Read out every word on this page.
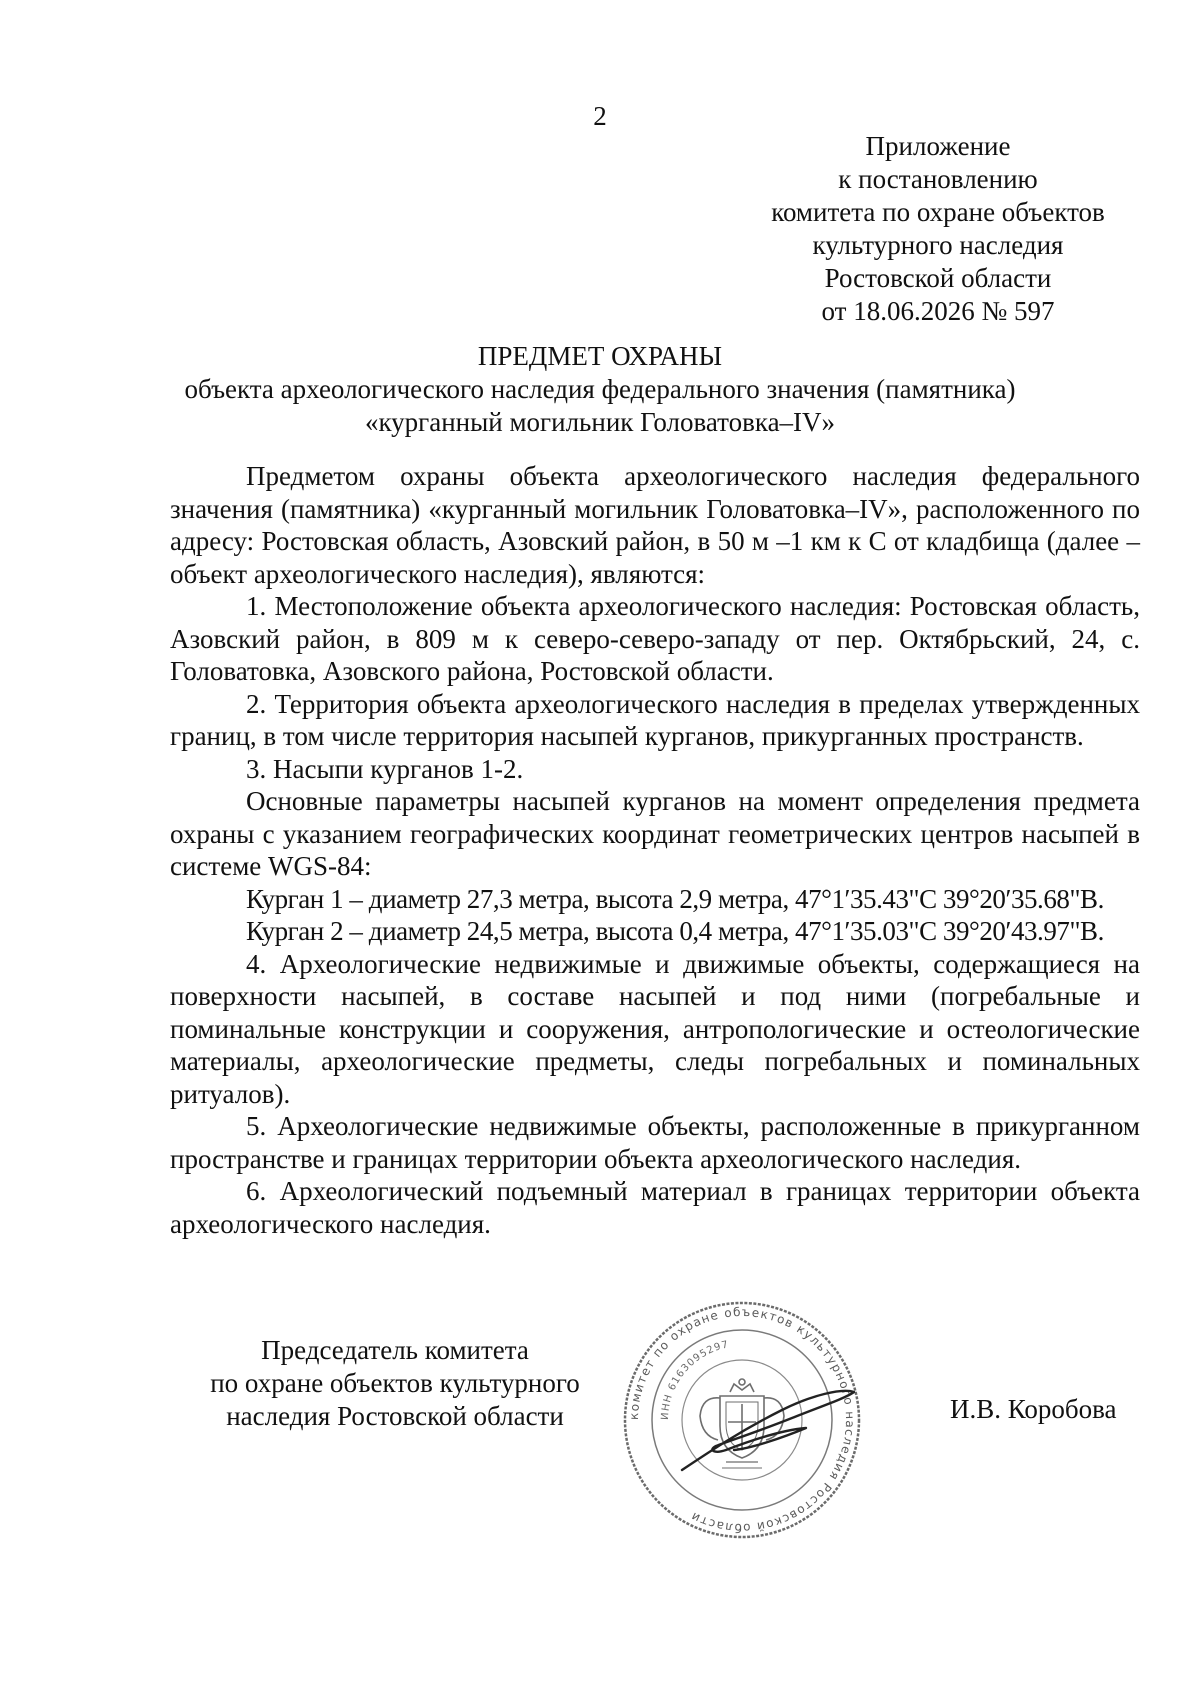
2
Приложение
к постановлению
комитета по охране объектов
культурного наследия
Ростовской области
от 18.06.2026 № 597
ПРЕДМЕТ ОХРАНЫ
объекта археологического наследия федерального значения (памятника)
«курганный могильник Головатовка–IV»

Предметом охраны объекта археологического наследия федерального значения (памятника) «курганный могильник Головатовка–IV», расположенного по адресу: Ростовская область, Азовский район, в 50 м –1 км к С от кладбища (далее – объект археологического наследия), являются:

1. Местоположение объекта археологического наследия: Ростовская область, Азовский район, в 809 м к северо-северо-западу от пер. Октябрьский, 24, с. Головатовка, Азовского района, Ростовской области.

2. Территория объекта археологического наследия в пределах утвержденных границ, в том числе территория насыпей курганов, прикурганных пространств.

3. Насыпи курганов 1-2.

Основные параметры насыпей курганов на момент определения предмета охраны с указанием географических координат геометрических центров насыпей в системе WGS-84:

Курган 1 – диаметр 27,3 метра, высота 2,9 метра, 47°1′35.43"С 39°20′35.68"В.

Курган 2 – диаметр 24,5 метра, высота 0,4 метра, 47°1′35.03"С 39°20′43.97"В.

4. Археологические недвижимые и движимые объекты, содержащиеся на поверхности насыпей, в составе насыпей и под ними (погребальные и поминальные конструкции и сооружения, антропологические и остеологические материалы, археологические предметы, следы погребальных и поминальных ритуалов).

5. Археологические недвижимые объекты, расположенные в прикурганном пространстве и границах территории объекта археологического наследия.

6. Археологический подъемный материал в границах территории объекта археологического наследия.

Председатель комитета
по охране объектов культурного
наследия Ростовской области	комитет по охране объектов культурного наследия Ростовской области
ИНН 6163095297
И.В. Коробова
